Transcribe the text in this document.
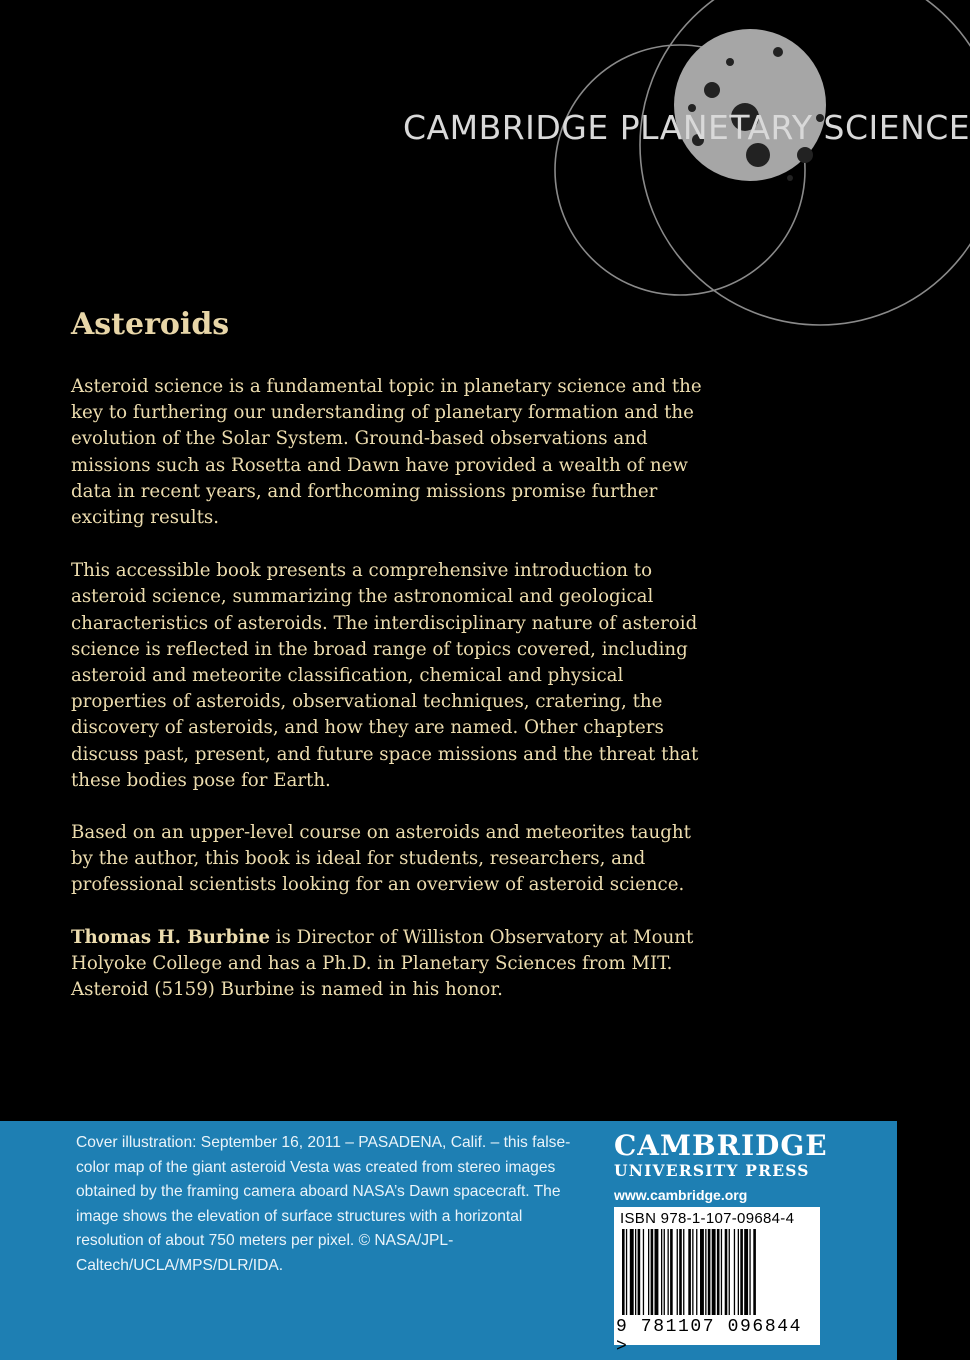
CAMBRIDGE PLANETARY SCIENCE
Asteroids

Asteroid science is a fundamental topic in planetary science and the key to furthering our understanding of planetary formation and the evolution of the Solar System. Ground-based observations and missions such as Rosetta and Dawn have provided a wealth of new data in recent years, and forthcoming missions promise further exciting results.

This accessible book presents a comprehensive introduction to asteroid science, summarizing the astronomical and geological characteristics of asteroids. The interdisciplinary nature of asteroid science is reflected in the broad range of topics covered, including asteroid and meteorite classification, chemical and physical properties of asteroids, observational techniques, cratering, the discovery of asteroids, and how they are named. Other chapters discuss past, present, and future space missions and the threat that these bodies pose for Earth.

Based on an upper-level course on asteroids and meteorites taught by the author, this book is ideal for students, researchers, and professional scientists looking for an overview of asteroid science.

Thomas H. Burbine is Director of Williston Observatory at Mount Holyoke College and has a Ph.D. in Planetary Sciences from MIT. Asteroid (5159) Burbine is named in his honor.

Cover illustration: September 16, 2011 – PASADENA, Calif. – this false-color map of the giant asteroid Vesta was created from stereo images obtained by the framing camera aboard NASA’s Dawn spacecraft. The image shows the elevation of surface structures with a horizontal resolution of about 750 meters per pixel. © NASA/JPL-Caltech/UCLA/MPS/DLR/IDA.
CAMBRIDGE
UNIVERSITY PRESS
www.cambridge.org
ISBN 978-1-107-09684-4
9 781107 096844 >
